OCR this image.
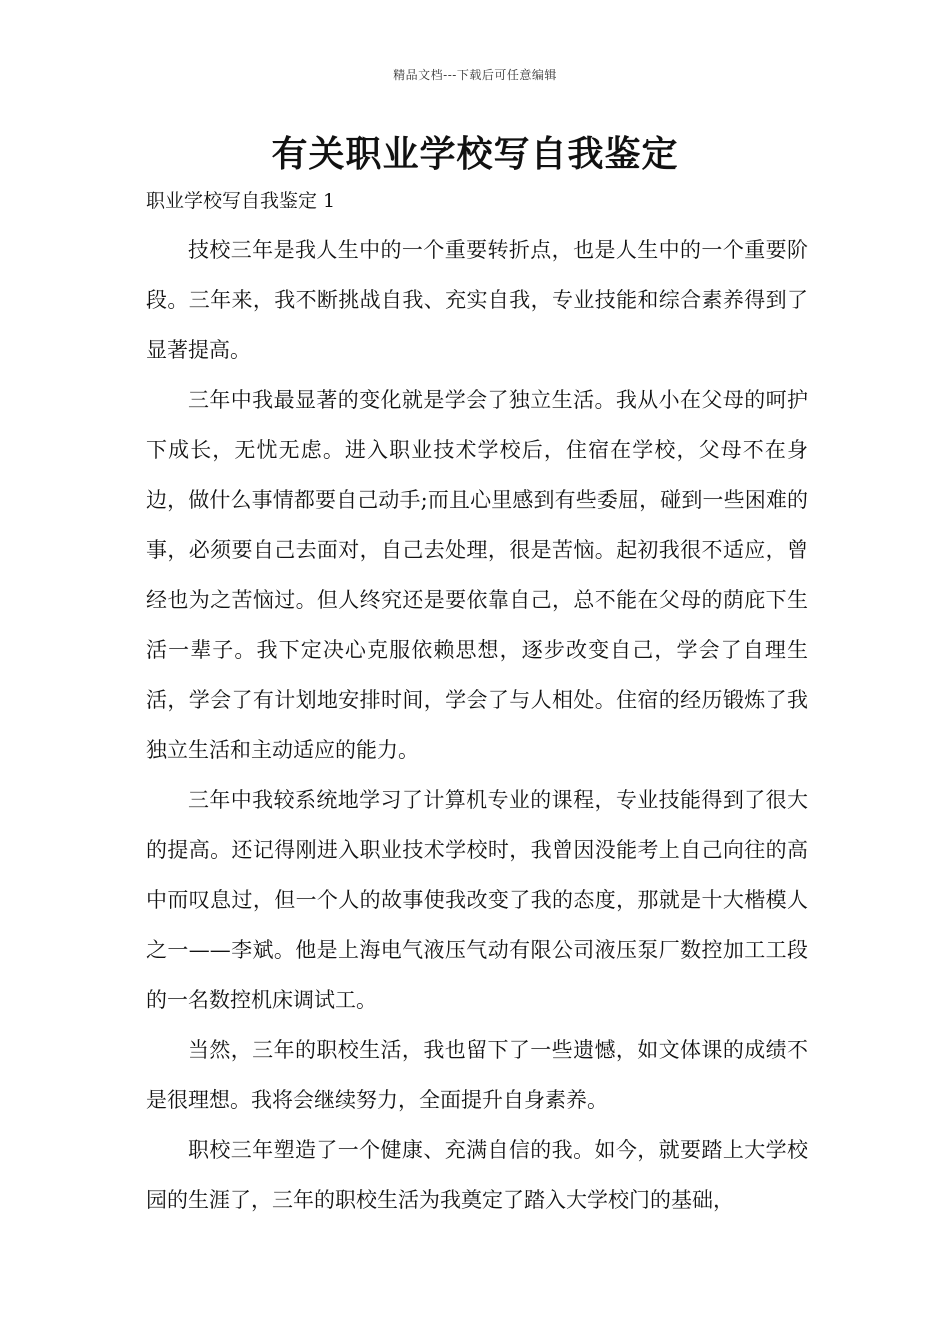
精品文档---下载后可任意编辑
有关职业学校写自我鉴定
职业学校写自我鉴定 1

技校三年是我人生中的一个重要转折点，也是人生中的一个重要阶段。三年来，我不断挑战自我、充实自我，专业技能和综合素养得到了显著提高。

三年中我最显著的变化就是学会了独立生活。我从小在父母的呵护下成长，无忧无虑。进入职业技术学校后，住宿在学校，父母不在身边，做什么事情都要自己动手;而且心里感到有些委屈，碰到一些困难的事，必须要自己去面对，自己去处理，很是苦恼。起初我很不适应，曾经也为之苦恼过。但人终究还是要依靠自己，总不能在父母的荫庇下生活一辈子。我下定决心克服依赖思想，逐步改变自己，学会了自理生活，学会了有计划地安排时间，学会了与人相处。住宿的经历锻炼了我独立生活和主动适应的能力。

三年中我较系统地学习了计算机专业的课程，专业技能得到了很大的提高。还记得刚进入职业技术学校时，我曾因没能考上自己向往的高中而叹息过，但一个人的故事使我改变了我的态度，那就是十大楷模人之一——李斌。他是上海电气液压气动有限公司液压泵厂数控加工工段的一名数控机床调试工。

当然，三年的职校生活，我也留下了一些遗憾，如文体课的成绩不是很理想。我将会继续努力，全面提升自身素养。

职校三年塑造了一个健康、充满自信的我。如今，就要踏上大学校园的生涯了，三年的职校生活为我奠定了踏入大学校门的基础，
